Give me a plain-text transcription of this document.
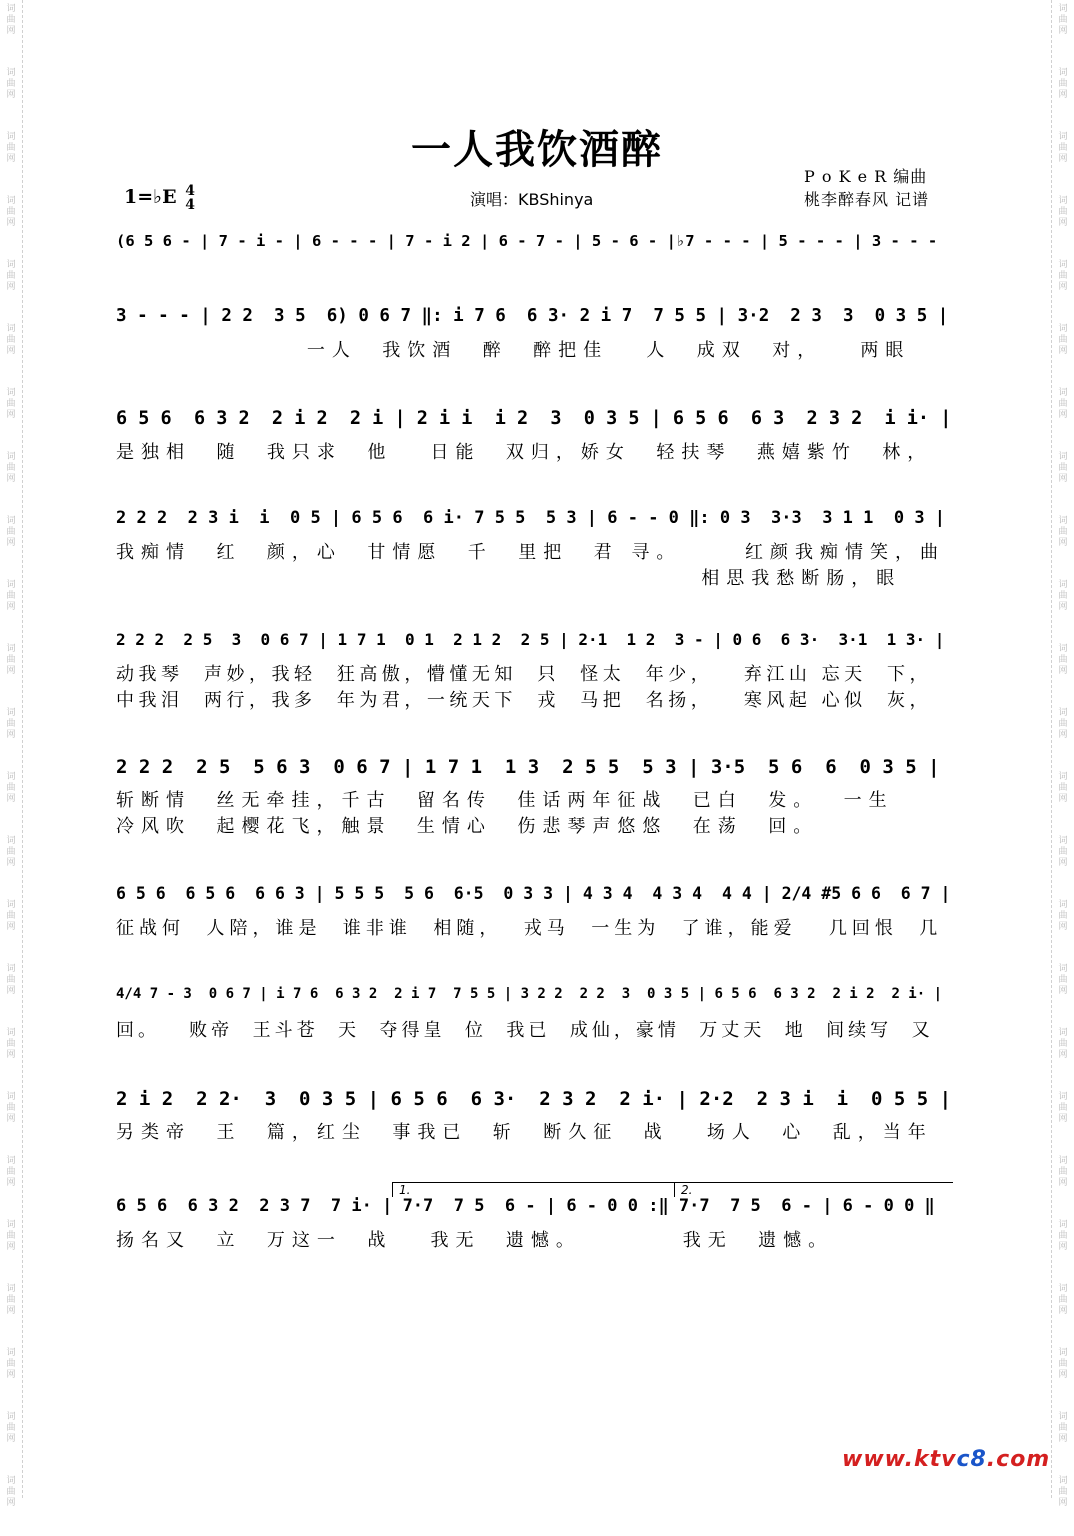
词
曲
网
词
曲
网
词
曲
网
词
曲
网
词
曲
网
词
曲
网
词
曲
网
词
曲
网
词
曲
网
词
曲
网
词
曲
网
词
曲
网
词
曲
网
词
曲
网
词
曲
网
词
曲
网
词
曲
网
词
曲
网
词
曲
网
词
曲
网
词
曲
网
词
曲
网
词
曲
网
词
曲
网
词
曲
网
词
曲
网
词
曲
网
词
曲
网
词
曲
网
词
曲
网
词
曲
网
词
曲
网
词
曲
网
词
曲
网
词
曲
网
词
曲
网
词
曲
网
词
曲
网
词
曲
网
词
曲
网
词
曲
网
词
曲
网
词
曲
网
词
曲
网
词
曲
网
词
曲
网
词
曲
网
词
曲
网
一人我饮酒醉
1=♭E 4
4	演唱：KBShinya
P o K e R 编曲
桃李醉春风 记谱
(6 5 6 - | 7 - i - | 6 - - - | 7 - i 2 | 6 - 7 - | 5 - 6 - |♭7 - - - | 5 - - - | 3 - - -
3 - - - | 2 2  3 5  6) 0 6 7 ‖: i 7 6  6 3· 2 i 7  7 5 5 | 3·2  2 3  3  0 3 5 |
一人  我饮酒  醉  醉把佳   人  成双  对，   两眼
6 5 6  6 3 2  2 i 2  2 i | 2 i i  i 2  3  0 3 5 | 6 5 6  6 3  2 3 2  i i· |
是独相  随  我只求  他   日能  双归，娇女  轻扶琴  燕嬉紫竹  林，
2 2 2  2 3 i  i  0 5 | 6 5 6  6 i· 7 5 5  5 3 | 6 - - 0 ‖: 0 3  3·3  3 1 1  0 3 |
我痴情  红  颜，心  甘情愿  千  里把  君 寻。     红颜我痴情笑，曲
相思我愁断肠，眼
2 2 2  2 5  3  0 6 7 | 1 7 1  0 1  2 1 2  2 5 | 2·1  1 2  3 - | 0 6  6 3·  3·1  1 3· |
动我琴  声妙，我轻  狂高傲，懵懂无知  只  怪太  年少，   弃江山 忘天  下，
中我泪  两行，我多  年为君，一统天下  戎  马把  名扬，   寒风起 心似  灰，
2 2 2  2 5  5 6 3  0 6 7 | 1 7 1  1 3  2 5 5  5 3 | 3·5  5 6  6  0 3 5 |
斩断情  丝无牵挂，千古  留名传  佳话两年征战  已白  发。  一生
冷风吹  起樱花飞，触景  生情心  伤悲琴声悠悠  在荡  回。
6 5 6  6 5 6  6 6 3 | 5 5 5  5 6  6·5  0 3 3 | 4 3 4  4 3 4  4 4 | 2/4 #5 6 6  6 7 |
征战何  人陪，谁是  谁非谁  相随，  戎马  一生为  了谁，能爱   几回恨  几
4/4 7 - 3  0 6 7 | i 7 6  6 3 2  2 i 7  7 5 5 | 3 2 2  2 2  3  0 3 5 | 6 5 6  6 3 2  2 i 2  2 i· |
回。   败帝  王斗苍  天  夺得皇  位  我已  成仙，豪情  万丈天  地  间续写  又
2 i 2  2 2·  3  0 3 5 | 6 5 6  6 3·  2 3 2  2 i· | 2·2  2 3 i  i  0 5 5 |
另类帝  王  篇，红尘  事我已  斩  断久征  战   场人  心  乱，当年
6 5 6  6 3 2  2 3 7  7 i· | 7·7  7 5  6 - | 6 - 0 0 :‖ 7·7  7 5  6 - | 6 - 0 0 ‖
扬名又  立  万这一  战   我无  遗憾。        我无  遗憾。
1.	2.
www.ktvc8.com
